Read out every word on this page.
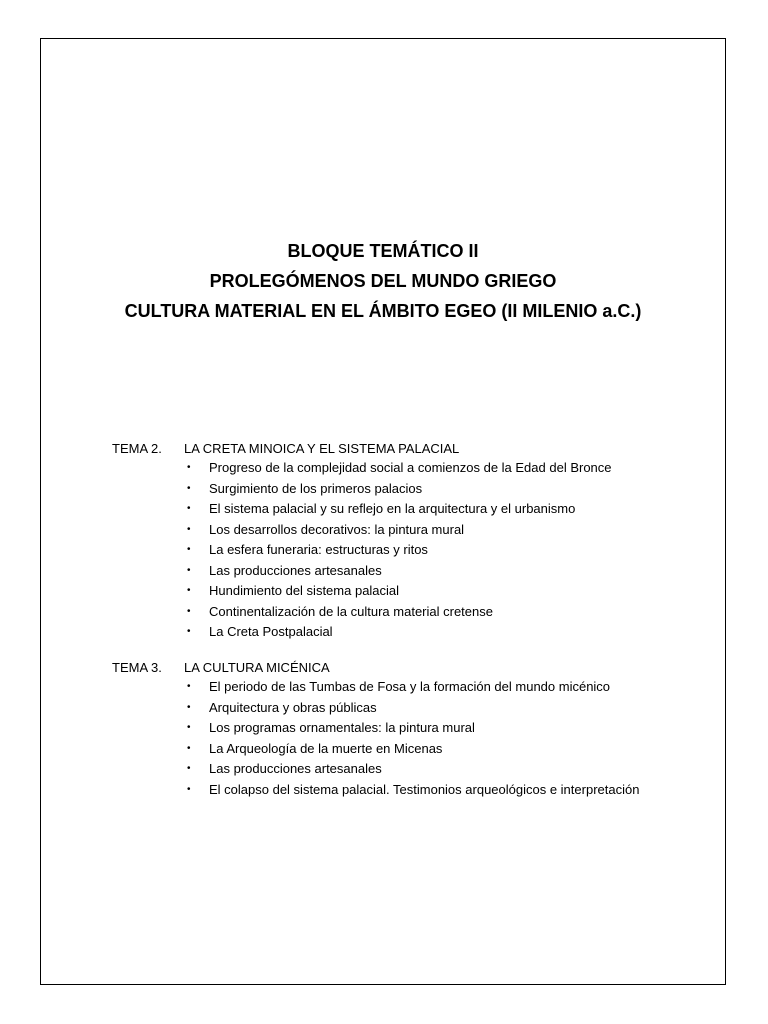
BLOQUE TEMÁTICO II
PROLEGÓMENOS DEL MUNDO GRIEGO
CULTURA MATERIAL EN EL ÁMBITO EGEO (II MILENIO a.C.)
TEMA 2. LA CRETA MINOICA Y EL SISTEMA PALACIAL
• Progreso de la complejidad social a comienzos de la Edad del Bronce
• Surgimiento de los primeros palacios
• El sistema palacial y su reflejo en la arquitectura y el urbanismo
• Los desarrollos decorativos: la pintura mural
• La esfera funeraria: estructuras y ritos
• Las producciones artesanales
• Hundimiento del sistema palacial
• Continentalización de la cultura material cretense
• La Creta Postpalacial
TEMA 3. LA CULTURA MICÉNICA
• El periodo de las Tumbas de Fosa y la formación del mundo micénico
• Arquitectura y obras públicas
• Los programas ornamentales: la pintura mural
• La Arqueología de la muerte en Micenas
• Las producciones artesanales
• El colapso del sistema palacial. Testimonios arqueológicos e interpretación
